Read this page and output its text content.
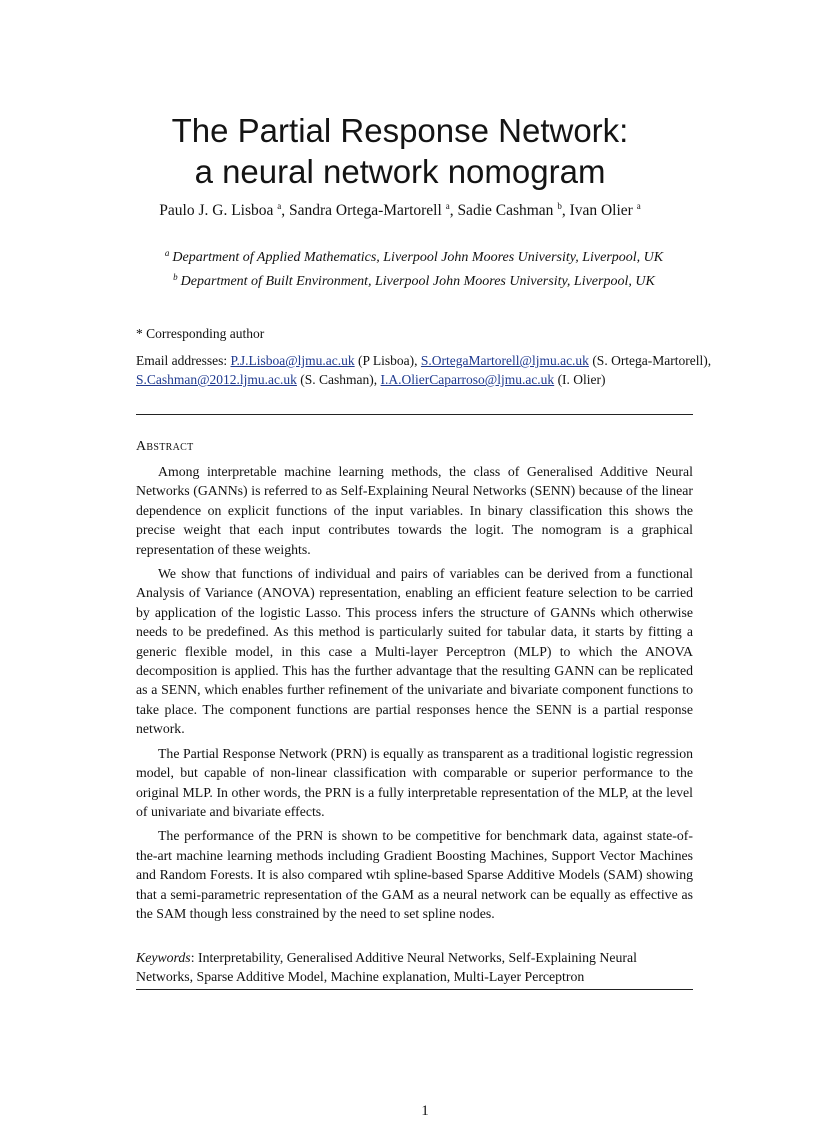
The Partial Response Network:
a neural network nomogram
Paulo J. G. Lisboa $^a$, Sandra Ortega-Martorell $^a$, Sadie Cashman $^b$, Ivan Olier $^a$
$^a$ Department of Applied Mathematics, Liverpool John Moores University, Liverpool, UK
$^b$ Department of Built Environment, Liverpool John Moores University, Liverpool, UK
* Corresponding author
Email addresses: P.J.Lisboa@ljmu.ac.uk (P Lisboa), S.OrtegaMartorell@ljmu.ac.uk (S. Ortega-Martorell),
S.Cashman@2012.ljmu.ac.uk (S. Cashman), I.A.OlierCaparroso@ljmu.ac.uk (I. Olier)
Abstract

Among interpretable machine learning methods, the class of Generalised Additive Neural Networks (GANNs) is referred to as Self-Explaining Neural Networks (SENN) because of the linear dependence on explicit functions of the input variables. In binary classification this shows the precise weight that each input contributes towards the logit. The nomogram is a graphical representation of these weights.

We show that functions of individual and pairs of variables can be derived from a functional Analysis of Variance (ANOVA) representation, enabling an efficient feature selection to be carried by application of the logistic Lasso. This process infers the structure of GANNs which otherwise needs to be predefined. As this method is particularly suited for tabular data, it starts by fitting a generic flexible model, in this case a Multi-layer Perceptron (MLP) to which the ANOVA decomposition is applied. This has the further advantage that the resulting GANN can be replicated as a SENN, which enables further refinement of the univariate and bivariate component functions to take place. The component functions are partial responses hence the SENN is a partial response network.

The Partial Response Network (PRN) is equally as transparent as a traditional logistic regression model, but capable of non-linear classification with comparable or superior performance to the original MLP. In other words, the PRN is a fully interpretable representation of the MLP, at the level of univariate and bivariate effects.

The performance of the PRN is shown to be competitive for benchmark data, against state-of-the-art machine learning methods including Gradient Boosting Machines, Support Vector Machines and Random Forests. It is also compared wtih spline-based Sparse Additive Models (SAM) showing that a semi-parametric representation of the GAM as a neural network can be equally as effective as the SAM though less constrained by the need to set spline nodes.

Keywords: Interpretability, Generalised Additive Neural Networks, Self-Explaining Neural Networks, Sparse Additive Model, Machine explanation, Multi-Layer Perceptron
1
